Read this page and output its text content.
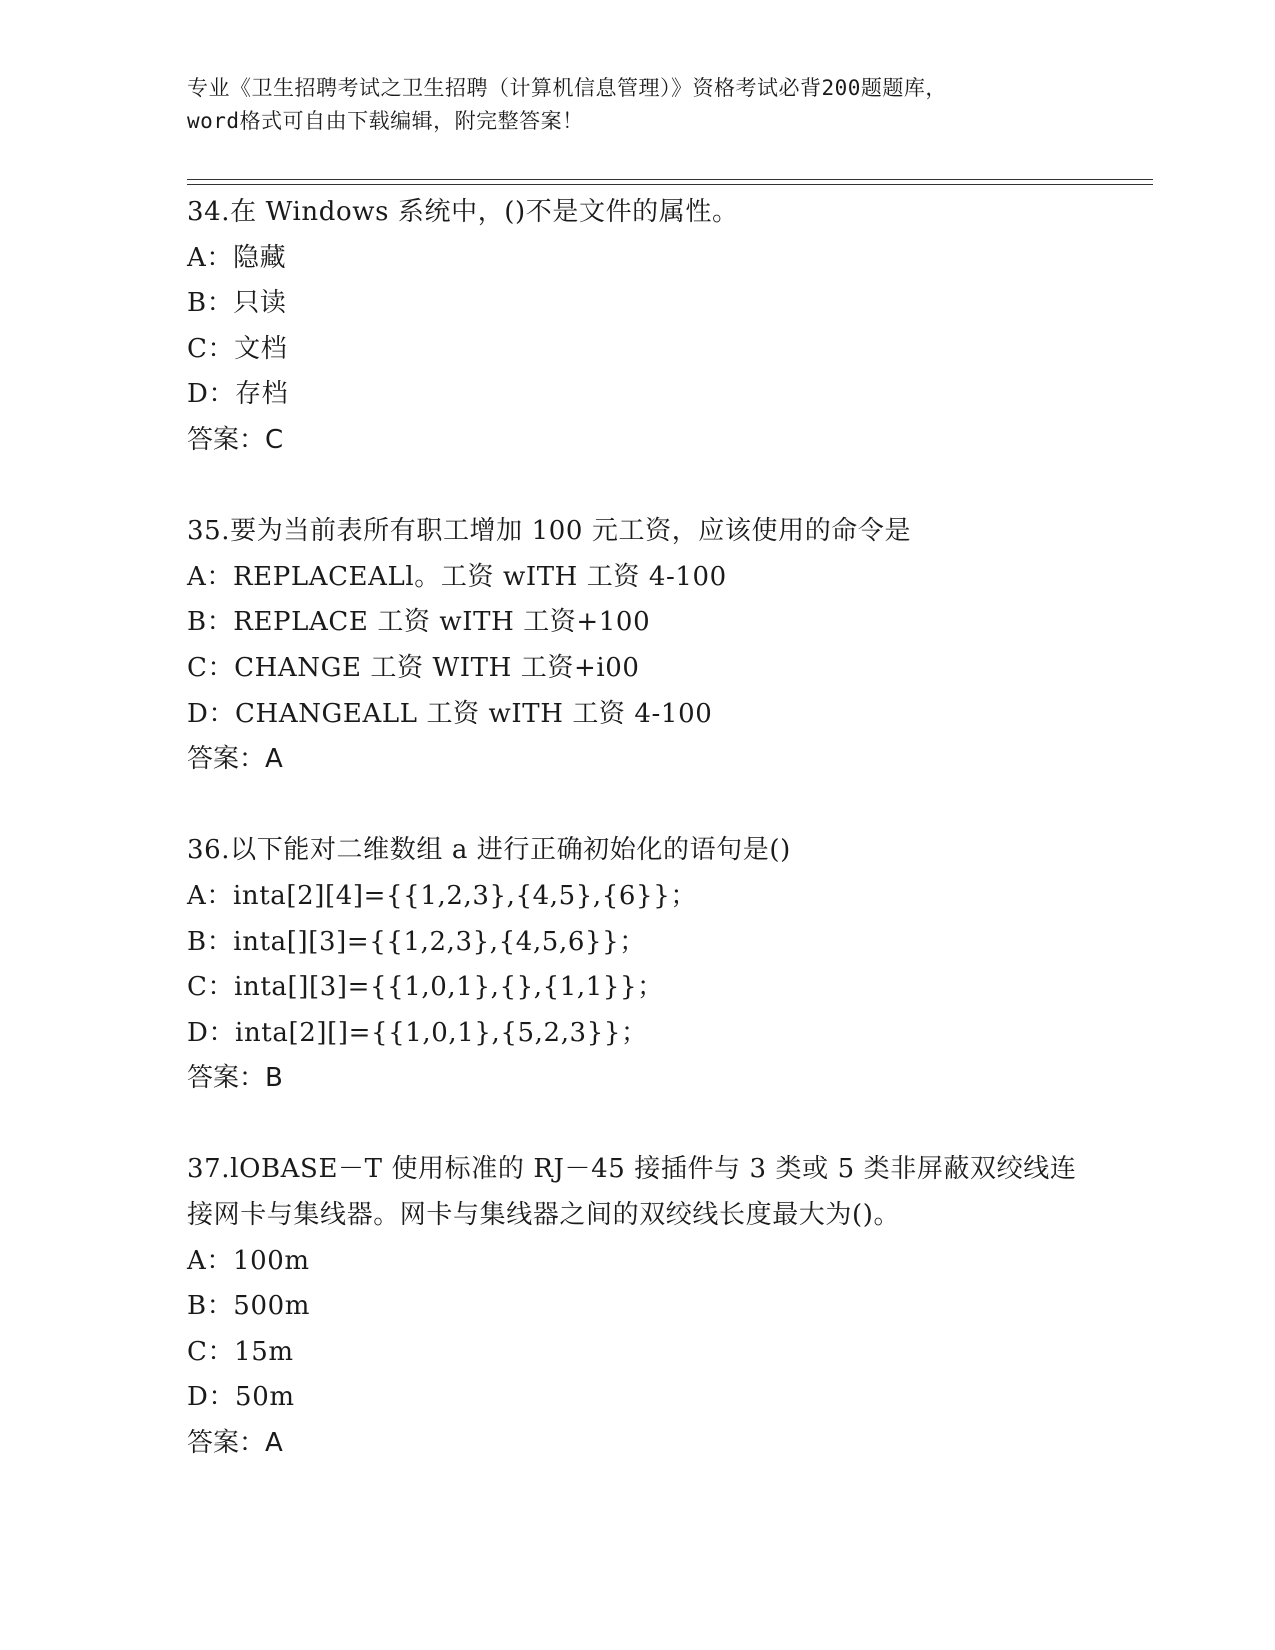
专业《卫生招聘考试之卫生招聘（计算机信息管理）》资格考试必背200题题库，
word格式可自由下载编辑，附完整答案！
34.在 Windows 系统中，()不是文件的属性。
A：隐藏
B：只读
C：文档
D：存档
答案：C
35.要为当前表所有职工增加 100 元工资，应该使用的命令是
A：REPLACEALl。工资 wITH 工资 4-100
B：REPLACE 工资 wITH 工资+100
C：CHANGE 工资 WITH 工资+i00
D：CHANGEALL 工资 wITH 工资 4-100
答案：A
36.以下能对二维数组 a 进行正确初始化的语句是()
A：inta[2][4]={{1,2,3},{4,5},{6}}；
B：inta[][3]={{1,2,3},{4,5,6}}；
C：inta[][3]={{1,0,1},{},{1,1}}；
D：inta[2][]={{1,0,1},{5,2,3}}；
答案：B
37.lOBASE－T 使用标准的 RJ－45 接插件与 3 类或 5 类非屏蔽双绞线连
接网卡与集线器。网卡与集线器之间的双绞线长度最大为()。
A：100m
B：500m
C：15m
D：50m
答案：A
